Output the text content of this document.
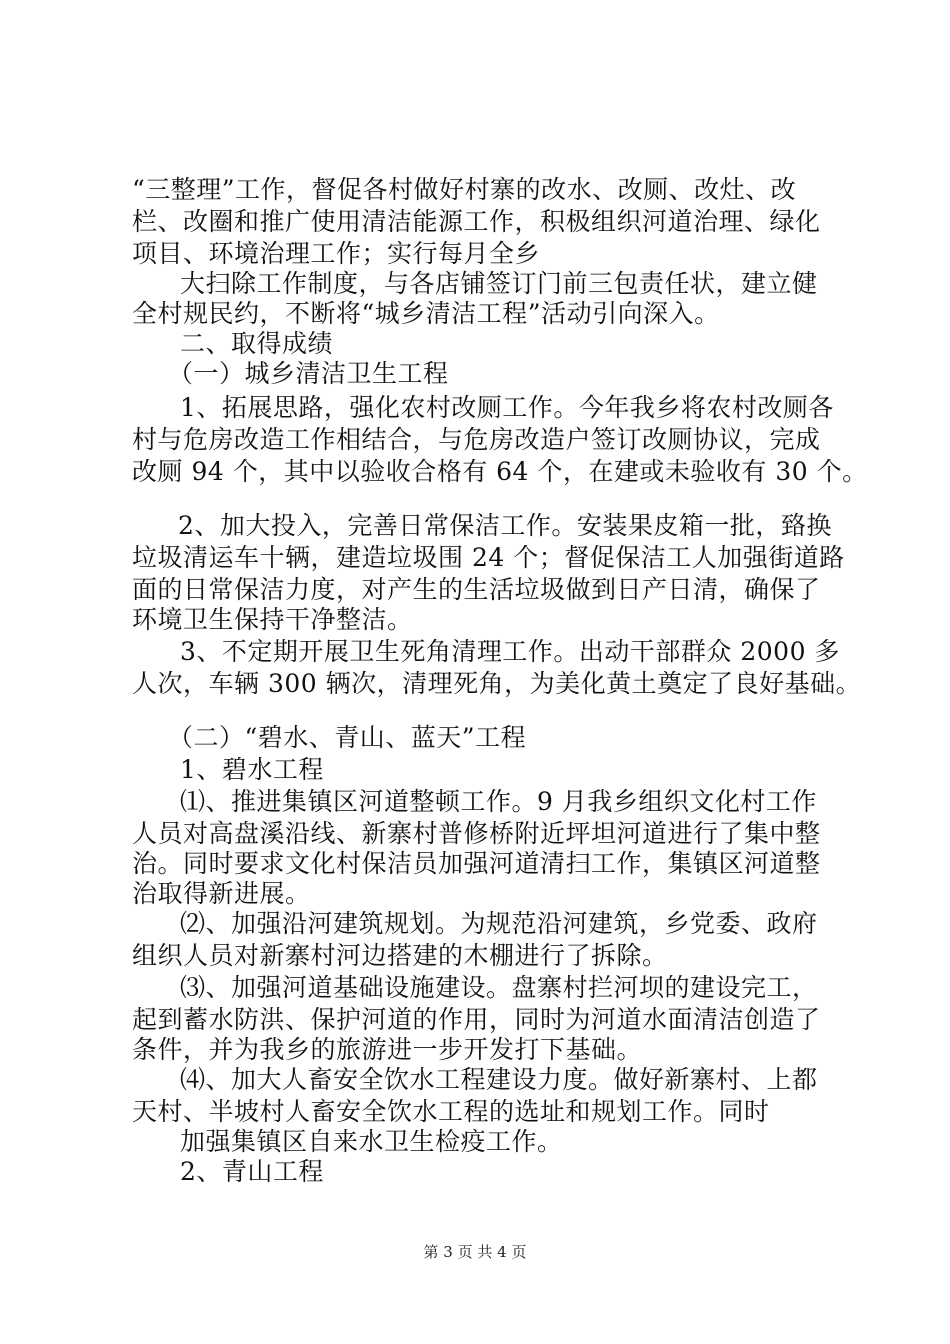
“三整理”工作，督促各村做好村寨的改水、改厕、改灶、改
栏、改圈和推广使用清洁能源工作，积极组织河道治理、绿化
项目、环境治理工作；实行每月全乡
大扫除工作制度，与各店铺签订门前三包责任状，建立健
全村规民约，不断将“城乡清洁工程”活动引向深入。
二、取得成绩
（一）城乡清洁卫生工程
1、拓展思路，强化农村改厕工作。今年我乡将农村改厕各
村与危房改造工作相结合，与危房改造户签订改厕协议，完成
改厕 94 个，其中以验收合格有 64 个，在建或未验收有 30 个。
2、加大投入，完善日常保洁工作。安装果皮箱一批，臵换
垃圾清运车十辆，建造垃圾围 24 个；督促保洁工人加强街道路
面的日常保洁力度，对产生的生活垃圾做到日产日清，确保了
环境卫生保持干净整洁。
3、不定期开展卫生死角清理工作。出动干部群众 2000 多
人次，车辆 300 辆次，清理死角，为美化黄土奠定了良好基础。
（二）“碧水、青山、蓝天”工程
1、碧水工程
⑴、推进集镇区河道整顿工作。9 月我乡组织文化村工作
人员对高盘溪沿线、新寨村普修桥附近坪坦河道进行了集中整
治。同时要求文化村保洁员加强河道清扫工作，集镇区河道整
治取得新进展。
⑵、加强沿河建筑规划。为规范沿河建筑，乡党委、政府
组织人员对新寨村河边搭建的木棚进行了拆除。
⑶、加强河道基础设施建设。盘寨村拦河坝的建设完工，
起到蓄水防洪、保护河道的作用，同时为河道水面清洁创造了
条件，并为我乡的旅游进一步开发打下基础。
⑷、加大人畜安全饮水工程建设力度。做好新寨村、上都
天村、半坡村人畜安全饮水工程的选址和规划工作。同时
加强集镇区自来水卫生检疫工作。
2、青山工程
第 3 页 共 4 页
